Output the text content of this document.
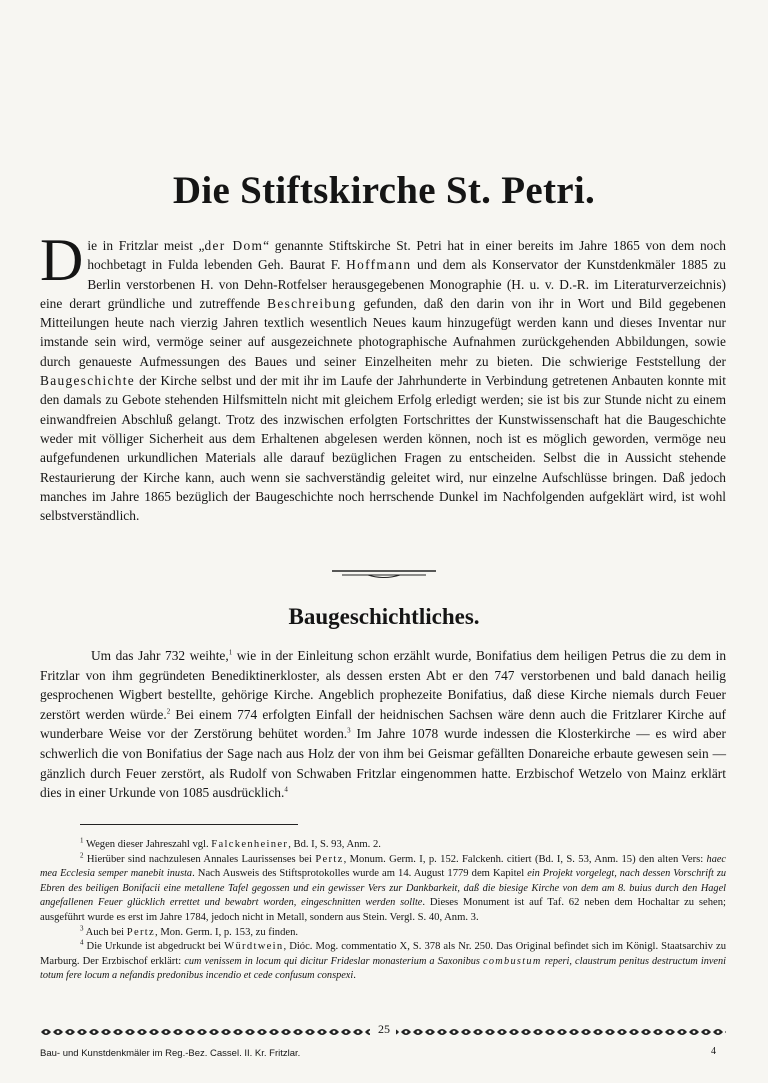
Die Stiftskirche St. Petri.
D ie in Fritzlar meist „der Dom“ genannte Stiftskirche St. Petri hat in einer bereits im Jahre 1865 von dem noch hochbetagt in Fulda lebenden Geh. Baurat F. Hoffmann und dem als Konservator der Kunstdenkmäler 1885 zu Berlin verstorbenen H. von Dehn-Rotfelser herausgegebenen Monographie (H. u. v. D.-R. im Literaturverzeichnis) eine derart gründliche und zutreffende Beschreibung gefunden, daß den darin von ihr in Wort und Bild gegebenen Mitteilungen heute nach vierzig Jahren textlich wesentlich Neues kaum hinzugefügt werden kann und dieses Inventar nur imstande sein wird, vermöge seiner auf ausgezeichnete photographische Aufnahmen zurückgehenden Abbildungen, sowie durch genaueste Aufmessungen des Baues und seiner Einzelheiten mehr zu bieten. Die schwierige Feststellung der Baugeschichte der Kirche selbst und der mit ihr im Laufe der Jahrhunderte in Verbindung getretenen Anbauten konnte mit den damals zu Gebote stehenden Hilfsmitteln nicht mit gleichem Erfolg erledigt werden; sie ist bis zur Stunde nicht zu einem einwandfreien Abschluß gelangt. Trotz des inzwischen erfolgten Fortschrittes der Kunstwissenschaft hat die Baugeschichte weder mit völliger Sicherheit aus dem Erhaltenen abgelesen werden können, noch ist es möglich geworden, vermöge neu aufgefundenen urkundlichen Materials alle darauf bezüglichen Fragen zu entscheiden. Selbst die in Aussicht stehende Restaurierung der Kirche kann, auch wenn sie sachverständig geleitet wird, nur einzelne Aufschlüsse bringen. Daß jedoch manches im Jahre 1865 bezüglich der Baugeschichte noch herrschende Dunkel im Nachfolgenden aufgeklärt wird, ist wohl selbstverständlich.
Baugeschichtliches.
Um das Jahr 732 weihte,$^1$ wie in der Einleitung schon erzählt wurde, Bonifatius dem heiligen Petrus die zu dem in Fritzlar von ihm gegründeten Benediktinerkloster, als dessen ersten Abt er den 747 verstorbenen und bald danach heilig gesprochenen Wigbert bestellte, gehörige Kirche. Angeblich prophezeite Bonifatius, daß diese Kirche niemals durch Feuer zerstört werden würde.$^2$ Bei einem 774 erfolgten Einfall der heidnischen Sachsen wäre denn auch die Fritzlarer Kirche auf wunderbare Weise vor der Zerstörung behütet worden.$^3$ Im Jahre 1078 wurde indessen die Klosterkirche — es wird aber schwerlich die von Bonifatius der Sage nach aus Holz der von ihm bei Geismar gefällten Donareiche erbaute gewesen sein — gänzlich durch Feuer zerstört, als Rudolf von Schwaben Fritzlar eingenommen hatte. Erzbischof Wetzelo von Mainz erklärt dies in einer Urkunde von 1085 ausdrücklich.$^4$

$^1$ Wegen dieser Jahreszahl vgl. Falckenheiner, Bd. I, S. 93, Anm. 2.

$^2$ Hierüber sind nachzulesen Annales Laurissenses bei Pertz, Monum. Germ. I, p. 152. Falckenh. citiert (Bd. I, S. 53, Anm. 15) den alten Vers: haec mea Ecclesia semper manebit inusta. Nach Ausweis des Stiftsprotokolles wurde am 14. August 1779 dem Kapitel ein Projekt vorgelegt, nach dessen Vorschrift zu Ebren des beiligen Bonifacii eine metallene Tafel gegossen und ein gewisser Vers zur Dankbarkeit, daß die biesige Kirche von dem am 8. buius durch den Hagel angefallenen Feuer glücklich errettet und bewabrt worden, eingeschnitten werden sollte. Dieses Monument ist auf Taf. 62 neben dem Hochaltar zu sehen; ausgeführt wurde es erst im Jahre 1784, jedoch nicht in Metall, sondern aus Stein. Vergl. S. 40, Anm. 3.

$^3$ Auch bei Pertz, Mon. Germ. I, p. 153, zu finden.

$^4$ Die Urkunde ist abgedruckt bei Würdtwein, Dióc. Mog. commentatio X, S. 378 als Nr. 250. Das Original befindet sich im Königl. Staatsarchiv zu Marburg. Der Erzbischof erklärt: cum venissem in locum qui dicitur Frideslar monasterium a Saxonibus combustum reperi, claustrum penitus destructum inveni totum fere locum a nefandis predonibus incendio et cede confusum conspexi.

25
Bau- und Kunstdenkmäler im Reg.-Bez. Cassel. II. Kr. Fritzlar.	4
